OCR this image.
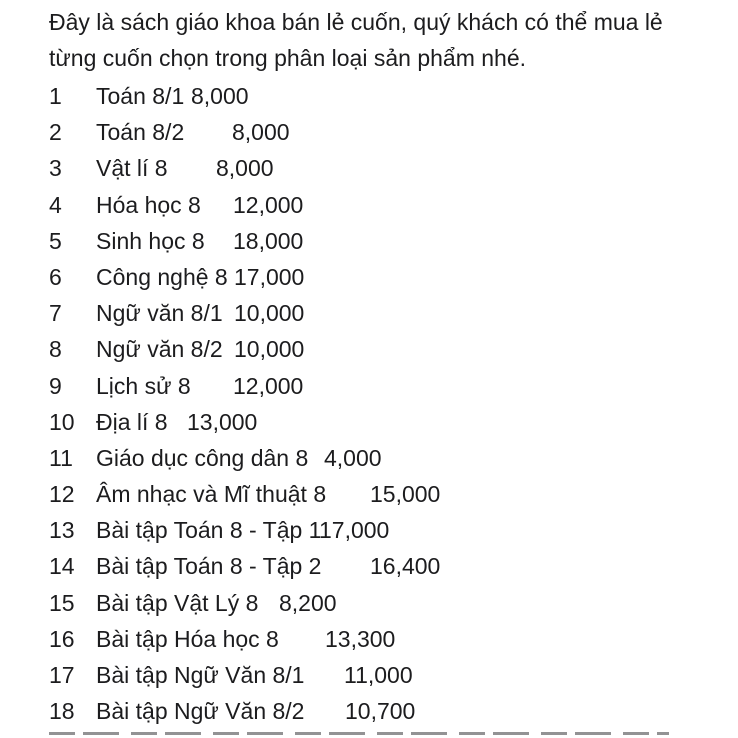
Đây là sách giáo khoa bán lẻ cuốn, quý khách có thể mua lẻ
từng cuốn chọn trong phân loại sản phẩm nhé.

1 Toán 8/1 8,000
2 Toán 8/2 8,000
3 Vật lí 8 8,000
4 Hóa học 8 12,000
5 Sinh học 8 18,000
6 Công nghệ 8 17,000
7 Ngữ văn 8/1 10,000
8 Ngữ văn 8/2 10,000
9 Lịch sử 8 12,000
10 Địa lí 8 13,000
11 Giáo dục công dân 8 4,000
12 Âm nhạc và Mĩ thuật 8 15,000
13 Bài tập Toán 8 - Tập 1
17,000
14 Bài tập Toán 8 - Tập 2 16,400
15 Bài tập Vật Lý 8 8,200
16 Bài tập Hóa học 8 13,300
17 Bài tập Ngữ Văn 8/1 11,000
18 Bài tập Ngữ Văn 8/2 10,700
